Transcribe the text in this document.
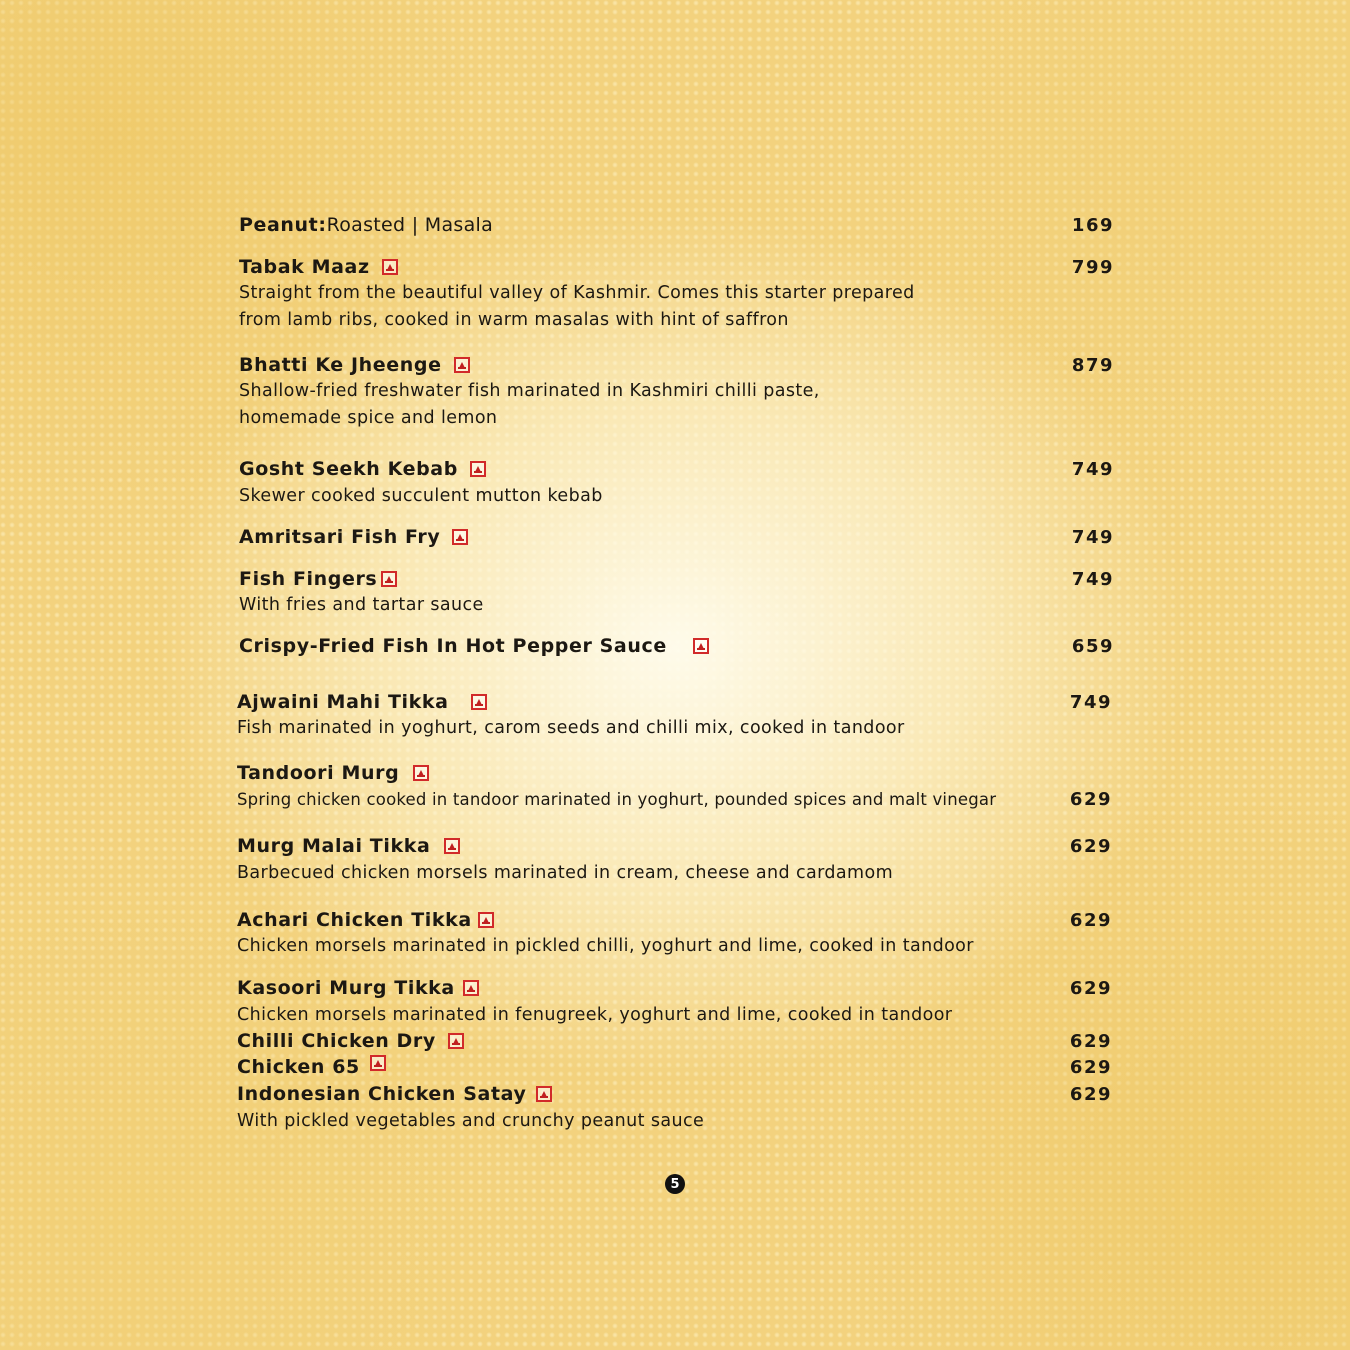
Peanut: Roasted | Masala	169
Tabak Maaz	799
Straight from the beautiful valley of Kashmir. Comes this starter prepared
from lamb ribs, cooked in warm masalas with hint of saffron
Bhatti Ke Jheenge	879
Shallow-fried freshwater fish marinated in Kashmiri chilli paste,
homemade spice and lemon
Gosht Seekh Kebab	749
Skewer cooked succulent mutton kebab
Amritsari Fish Fry	749
Fish Fingers	749
With fries and tartar sauce
Crispy-Fried Fish In Hot Pepper Sauce	659
Ajwaini Mahi Tikka	749
Fish marinated in yoghurt, carom seeds and chilli mix, cooked in tandoor
Tandoori Murg
Spring chicken cooked in tandoor marinated in yoghurt, pounded spices and malt vinegar	629
Murg Malai Tikka	629
Barbecued chicken morsels marinated in cream, cheese and cardamom
Achari Chicken Tikka	629
Chicken morsels marinated in pickled chilli, yoghurt and lime, cooked in tandoor
Kasoori Murg Tikka	629
Chicken morsels marinated in fenugreek, yoghurt and lime, cooked in tandoor
Chilli Chicken Dry	629
Chicken 65	629
Indonesian Chicken Satay	629
With pickled vegetables and crunchy peanut sauce
5
